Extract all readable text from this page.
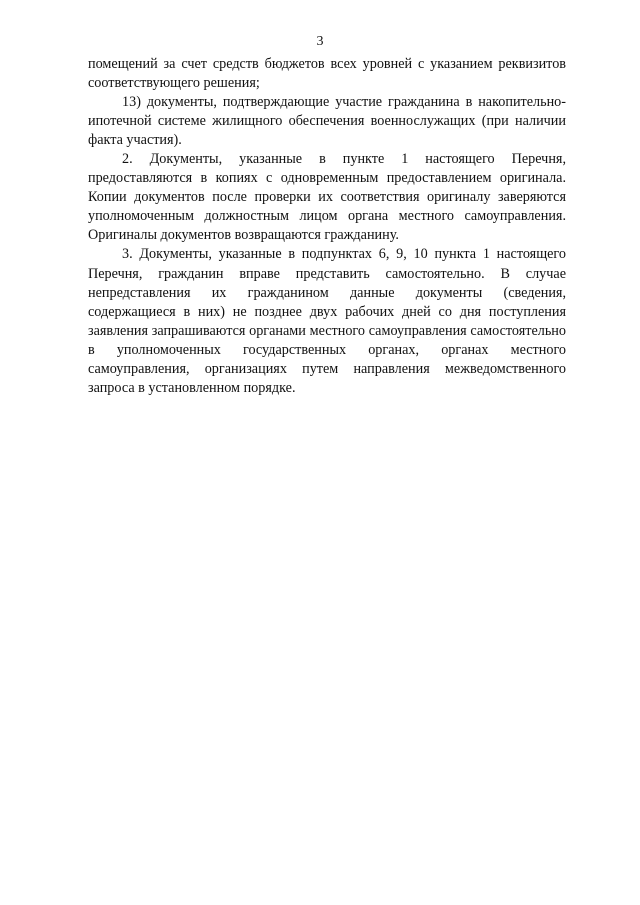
3

помещений за счет средств бюджетов всех уровней с указанием реквизитов соответствующего решения;

13) документы, подтверждающие участие гражданина в накопительно-ипотечной системе жилищного обеспечения военнослужащих (при наличии факта участия).

2. Документы, указанные в пункте 1 настоящего Перечня, предоставляются в копиях с одновременным предоставлением оригинала. Копии документов после проверки их соответствия оригиналу заверяются уполномоченным должностным лицом органа местного самоуправления. Оригиналы документов возвращаются гражданину.

3. Документы, указанные в подпунктах 6, 9, 10 пункта 1 настоящего Перечня, гражданин вправе представить самостоятельно. В случае непредставления их гражданином данные документы (сведения, содержащиеся в них) не позднее двух рабочих дней со дня поступления заявления запрашиваются органами местного самоуправления самостоятельно в уполномоченных государственных органах, органах местного самоуправления, организациях путем направления межведомственного запроса в установленном порядке.
